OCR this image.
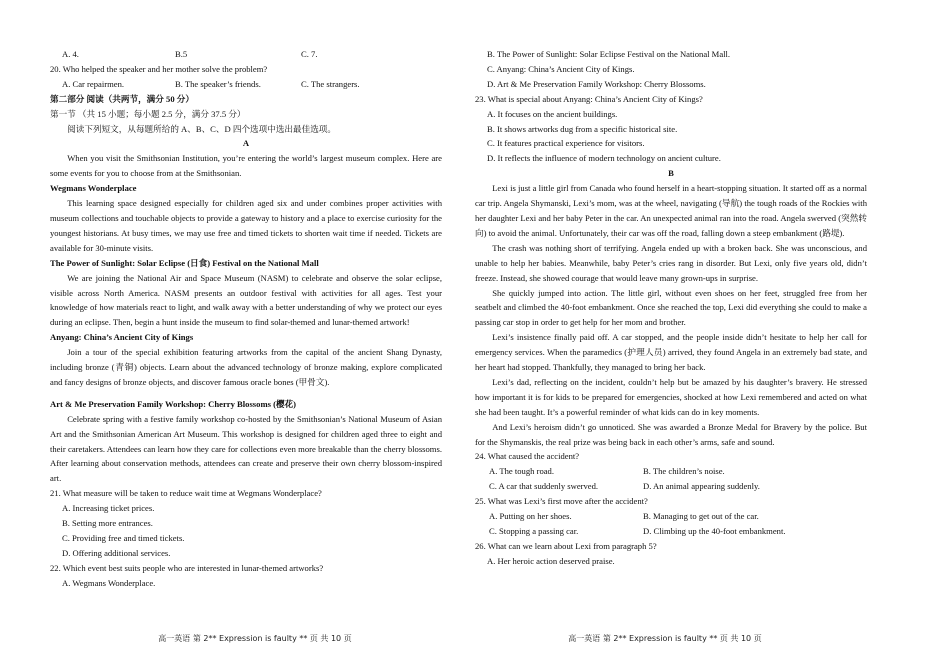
A. 4.	B.5	C. 7.

20. Who helped the speaker and her mother solve the problem?

A. Car repairmen.	B. The speaker’s friends.	C. The strangers.

第二部分 阅读（共两节，满分 50 分）

第一节 （共 15 小题；每小题 2.5 分，满分 37.5 分）

阅读下列短文，从每题所给的 A、B、C、D 四个选项中选出最佳选项。

A

When you visit the Smithsonian Institution, you’re entering the world’s largest museum complex. Here are some events for you to choose from at the Smithsonian.

Wegmans Wonderplace

This learning space designed especially for children aged six and under combines proper activities with museum collections and touchable objects to provide a gateway to history and a place to exercise curiosity for the youngest historians. At busy times, we may use free and timed tickets to shorten wait time if needed. Tickets are available for 30-minute visits.

The Power of Sunlight: Solar Eclipse (日食) Festival on the National Mall

We are joining the National Air and Space Museum (NASM) to celebrate and observe the solar eclipse, visible across North America. NASM presents an outdoor festival with activities for all ages. Test your knowledge of how materials react to light, and walk away with a better understanding of why we protect our eyes during an eclipse. Then, begin a hunt inside the museum to find solar-themed and lunar-themed artwork!

Anyang: China’s Ancient City of Kings

Join a tour of the special exhibition featuring artworks from the capital of the ancient Shang Dynasty, including bronze (青铜) objects. Learn about the advanced technology of bronze making, explore complicated and fancy designs of bronze objects, and discover famous oracle bones (甲骨文).

Art & Me Preservation Family Workshop: Cherry Blossoms (樱花)

Celebrate spring with a festive family workshop co-hosted by the Smithsonian’s National Museum of Asian Art and the Smithsonian American Art Museum. This workshop is designed for children aged three to eight and their caretakers. Attendees can learn how they care for collections even more breakable than the cherry blossoms. After learning about conservation methods, attendees can create and preserve their own cherry blossom-inspired art.

21. What measure will be taken to reduce wait time at Wegmans Wonderplace?

A. Increasing ticket prices.

B. Setting more entrances.

C. Providing free and timed tickets.

D. Offering additional services.

22. Which event best suits people who are interested in lunar-themed artworks?

A. Wegmans Wonderplace.

B. The Power of Sunlight: Solar Eclipse Festival on the National Mall.

C. Anyang: China’s Ancient City of Kings.

D. Art & Me Preservation Family Workshop: Cherry Blossoms.

23. What is special about Anyang: China’s Ancient City of Kings?

A. It focuses on the ancient buildings.

B. It shows artworks dug from a specific historical site.

C. It features practical experience for visitors.

D. It reflects the influence of modern technology on ancient culture.

B

Lexi is just a little girl from Canada who found herself in a heart-stopping situation. It started off as a normal car trip. Angela Shymanski, Lexi’s mom, was at the wheel, navigating (导航) the tough roads of the Rockies with her daughter Lexi and her baby Peter in the car. An unexpected animal ran into the road. Angela swerved (突然转向) to avoid the animal. Unfortunately, their car was off the road, falling down a steep embankment (路堤).

The crash was nothing short of terrifying. Angela ended up with a broken back. She was unconscious, and unable to help her babies. Meanwhile, baby Peter’s cries rang in disorder. But Lexi, only five years old, didn’t freeze. Instead, she showed courage that would leave many grown-ups in surprise.

She quickly jumped into action. The little girl, without even shoes on her feet, struggled free from her seatbelt and climbed the 40-foot embankment. Once she reached the top, Lexi did everything she could to make a passing car stop in order to get help for her mom and brother.

Lexi’s insistence finally paid off. A car stopped, and the people inside didn’t hesitate to help her call for emergency services. When the paramedics (护理人员) arrived, they found Angela in an extremely bad state, and her heart had stopped. Thankfully, they managed to bring her back.

Lexi’s dad, reflecting on the incident, couldn’t help but be amazed by his daughter’s bravery. He stressed how important it is for kids to be prepared for emergencies, shocked at how Lexi remembered and acted on what she had been taught. It’s a powerful reminder of what kids can do in key moments.

And Lexi’s heroism didn’t go unnoticed. She was awarded a Bronze Medal for Bravery by the police. But for the Shymanskis, the real prize was being back in each other’s arms, safe and sound.

24. What caused the accident?

A. The tough road.	B. The children’s noise.
C. A car that suddenly swerved.	D. An animal appearing suddenly.

25. What was Lexi’s first move after the accident?

A. Putting on her shoes.	B. Managing to get out of the car.
C. Stopping a passing car.	D. Climbing up the 40-foot embankment.

26. What can we learn about Lexi from paragraph 5?

A. Her heroic action deserved praise.

高一英语 第 2** Expression is faulty ** 页 共 10 页	高一英语 第 2** Expression is faulty ** 页 共 10 页
